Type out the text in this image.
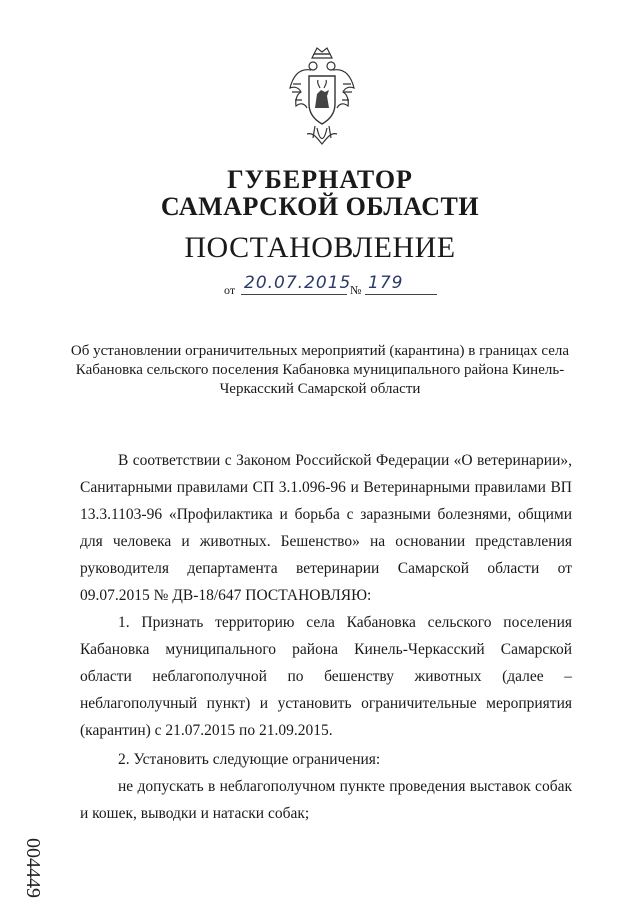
ГУБЕРНАТОР
САМАРСКОЙ ОБЛАСТИ
ПОСТАНОВЛЕНИЕ
от 20.07.2015
№ 179
Об установлении ограничительных мероприятий (карантина) в границах села Кабановка сельского поселения Кабановка муниципального района Кинель-Черкасский Самарской области

В соответствии с Законом Российской Федерации «О ветеринарии», Санитарными правилами СП 3.1.096-96 и Ветеринарными правилами ВП 13.3.1103-96 «Профилактика и борьба с заразными болезнями, общими для человека и животных. Бешенство» на основании представления руководителя департамента ветеринарии Самарской области от 09.07.2015 № ДВ-18/647 ПОСТАНОВЛЯЮ:

1. Признать территорию села Кабановка сельского поселения Кабановка муниципального района Кинель-Черкасский Самарской области неблагополучной по бешенству животных (далее – неблагополучный пункт) и установить ограничительные мероприятия (карантин) с 21.07.2015 по 21.09.2015.

2. Установить следующие ограничения:

не допускать в неблагополучном пункте проведения выставок собак и кошек, выводки и натаски собак;

004449
